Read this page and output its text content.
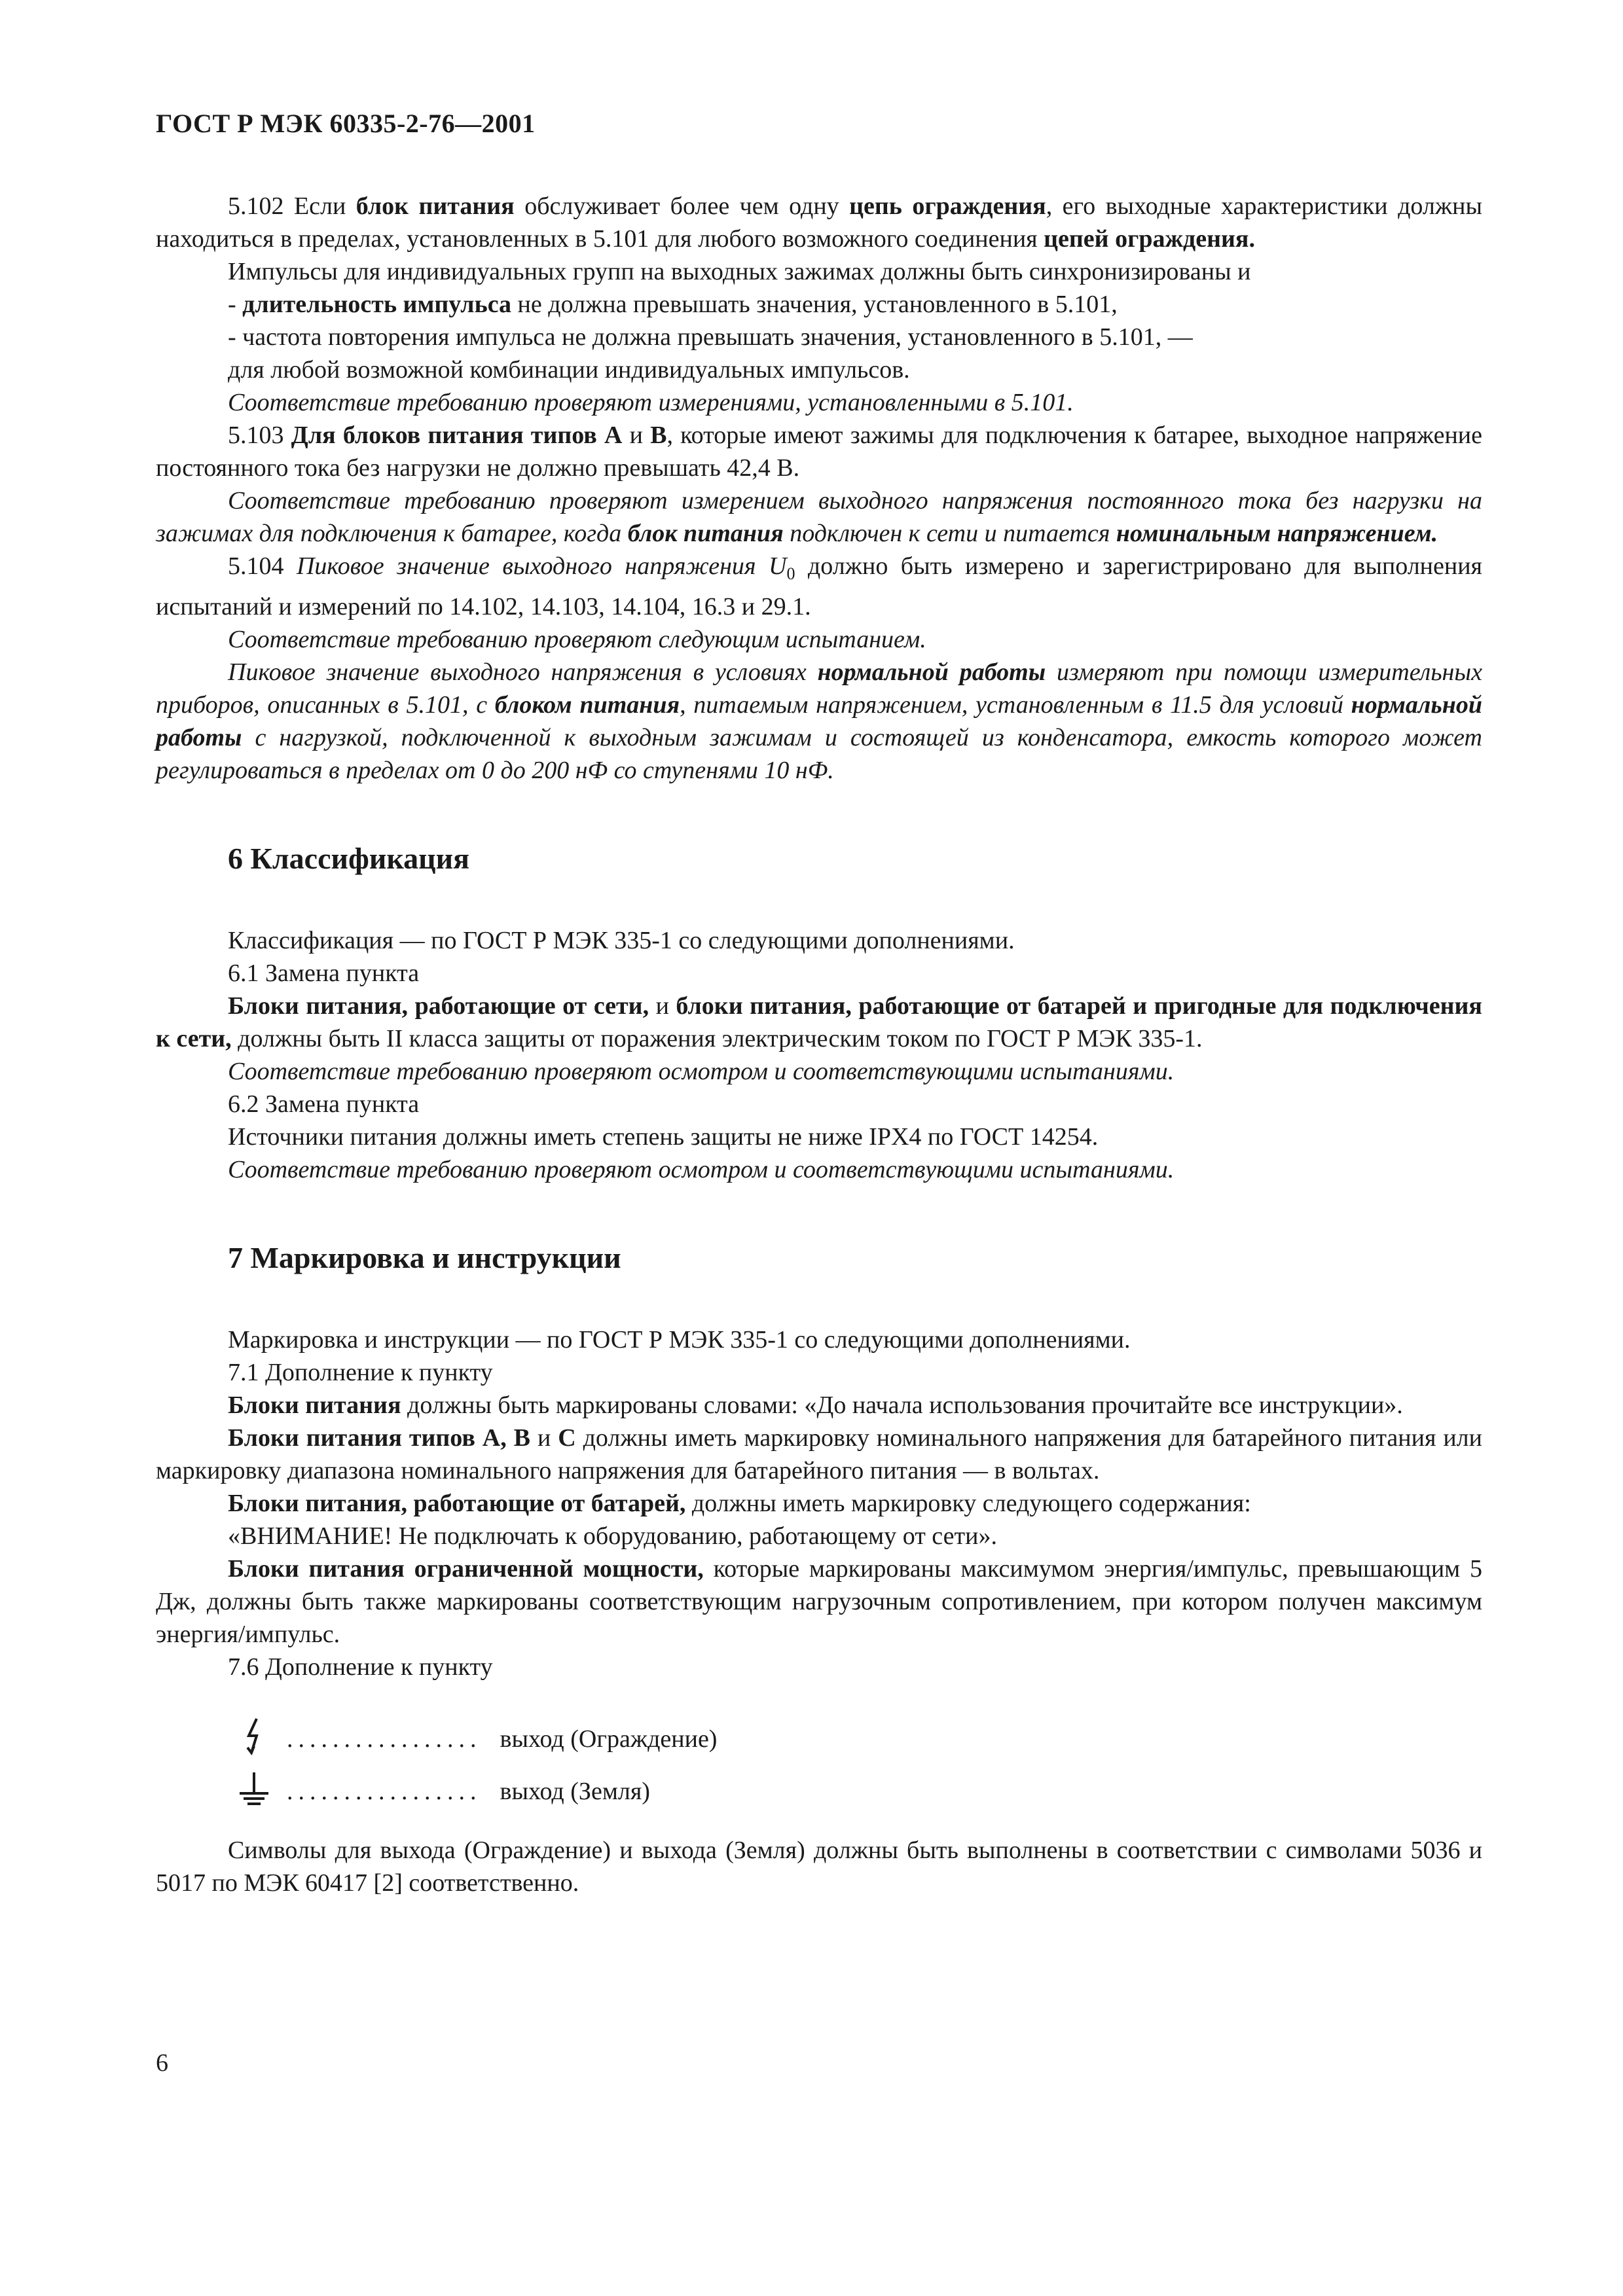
ГОСТ Р МЭК 60335-2-76—2001

5.102 Если блок питания обслуживаeт более чем одну цепь ограждения, его выходные характеристики должны находиться в пределах, установленных в 5.101 для любого возможного соединения цепей ограждения.

Импульсы для индивидуальных групп на выходных зажимах должны быть синхронизированы и

- длительность импульса не должна превышать значения, установленного в 5.101,

- частота повторения импульса не должна превышать значения, установленного в 5.101, —

для любой возможной комбинации индивидуальных импульсов.

Соответствие требованию проверяют измерениями, установленными в 5.101.

5.103 Для блоков питания типов А и В, которые имеют зажимы для подключения к батарее, выходное напряжение постоянного тока без нагрузки не должно превышать 42,4 В.

Соответствие требованию проверяют измерением выходного напряжения постоянного тока без нагрузки на зажимах для подключения к батарее, когда блок питания подключен к сети и питается номинальным напряжением.

5.104 Пиковое значение выходного напряжения $U_0$ должно быть измерено и зарегистрировано для выполнения испытаний и измерений по 14.102, 14.103, 14.104, 16.3 и 29.1.

Соответствие требованию проверяют следующим испытанием.

Пиковое значение выходного напряжения в условиях нормальной работы измеряют при помощи измерительных приборов, описанных в 5.101, с блоком питания, питаемым напряжением, установленным в 11.5 для условий нормальной работы с нагрузкой, подключенной к выходным зажимам и состоящей из конденсатора, емкость которого может регулироваться в пределах от 0 до 200 нФ со ступенями 10 нФ.

6 Классификация

Классификация — по ГОСТ Р МЭК 335-1 со следующими дополнениями.

6.1 Замена пункта

Блоки питания, работающие от сети, и блоки питания, работающие от батарей и пригодные для подключения к сети, должны быть II класса защиты от поражения электрическим током по ГОСТ Р МЭК 335-1.

Соответствие требованию проверяют осмотром и соответствующими испытаниями.

6.2 Замена пункта

Источники питания должны иметь степень защиты не ниже IPX4 по ГОСТ 14254.

Соответствие требованию проверяют осмотром и соответствующими испытаниями.

7 Маркировка и инструкции

Маркировка и инструкции — по ГОСТ Р МЭК 335-1 со следующими дополнениями.

7.1 Дополнение к пункту

Блоки питания должны быть маркированы словами: «До начала использования прочитайте все инструкции».

Блоки питания типов А, В и С должны иметь маркировку номинального напряжения для батарейного питания или маркировку диапазона номинального напряжения для батарейного питания — в вольтах.

Блоки питания, работающие от батарей, должны иметь маркировку следующего содержания:

«ВНИМАНИЕ! Не подключать к оборудованию, работающему от сети».

Блоки питания ограниченной мощности, которые маркированы максимумом энергия/импульс, превышающим 5 Дж, должны быть также маркированы соответствующим нагрузочным сопротивлением, при котором получен максимум энергия/импульс.

7.6 Дополнение к пункту

................. выход (Ограждение)
................. выход (Земля)

Символы для выхода (Ограждение) и выхода (Земля) должны быть выполнены в соответствии с символами 5036 и 5017 по МЭК 60417 [2] соответственно.

6
